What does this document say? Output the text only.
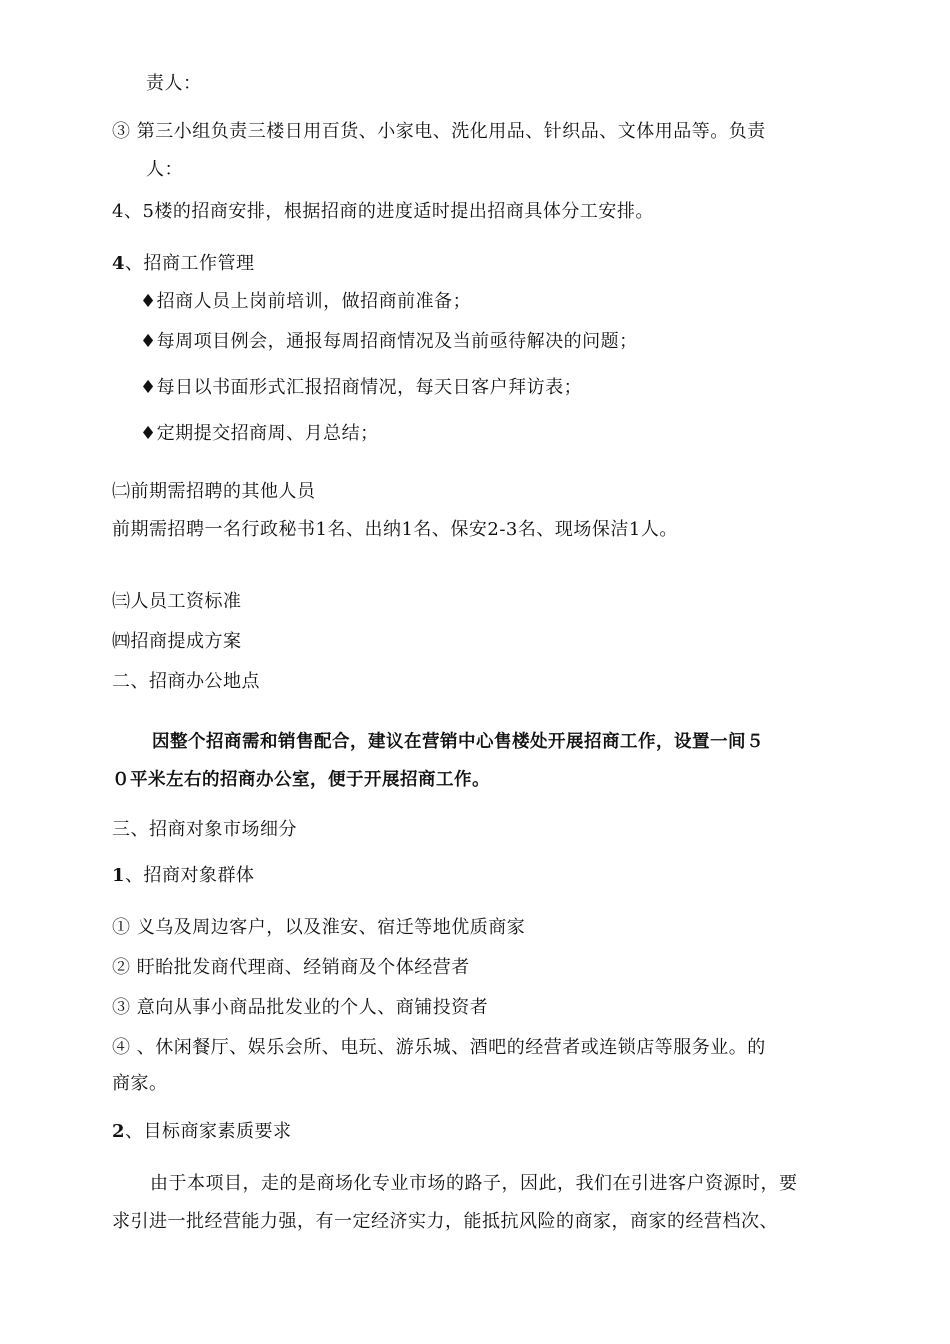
责人：
③ 第三小组负责三楼日用百货、小家电、洗化用品、针织品、文体用品等。负责
人：
4、5楼的招商安排，根据招商的进度适时提出招商具体分工安排。
4、招商工作管理
♦招商人员上岗前培训，做招商前准备；
♦每周项目例会，通报每周招商情况及当前亟待解决的问题；
♦每日以书面形式汇报招商情况，每天日客户拜访表；
♦定期提交招商周、月总结；
㈡前期需招聘的其他人员
前期需招聘一名行政秘书1名、出纳1名、保安2-3名、现场保洁1人。
㈢人员工资标准
㈣招商提成方案
二、招商办公地点
因整个招商需和销售配合，建议在营销中心售楼处开展招商工作，设置一间５
０平米左右的招商办公室，便于开展招商工作。
三、招商对象市场细分
1、招商对象群体
① 义乌及周边客户，以及淮安、宿迁等地优质商家
② 盱眙批发商代理商、经销商及个体经营者
③ 意向从事小商品批发业的个人、商铺投资者
④ 、休闲餐厅、娱乐会所、电玩、游乐城、酒吧的经营者或连锁店等服务业。的
商家。
2、目标商家素质要求
由于本项目，走的是商场化专业市场的路子，因此，我们在引进客户资源时，要
求引进一批经营能力强，有一定经济实力，能抵抗风险的商家，商家的经营档次、
